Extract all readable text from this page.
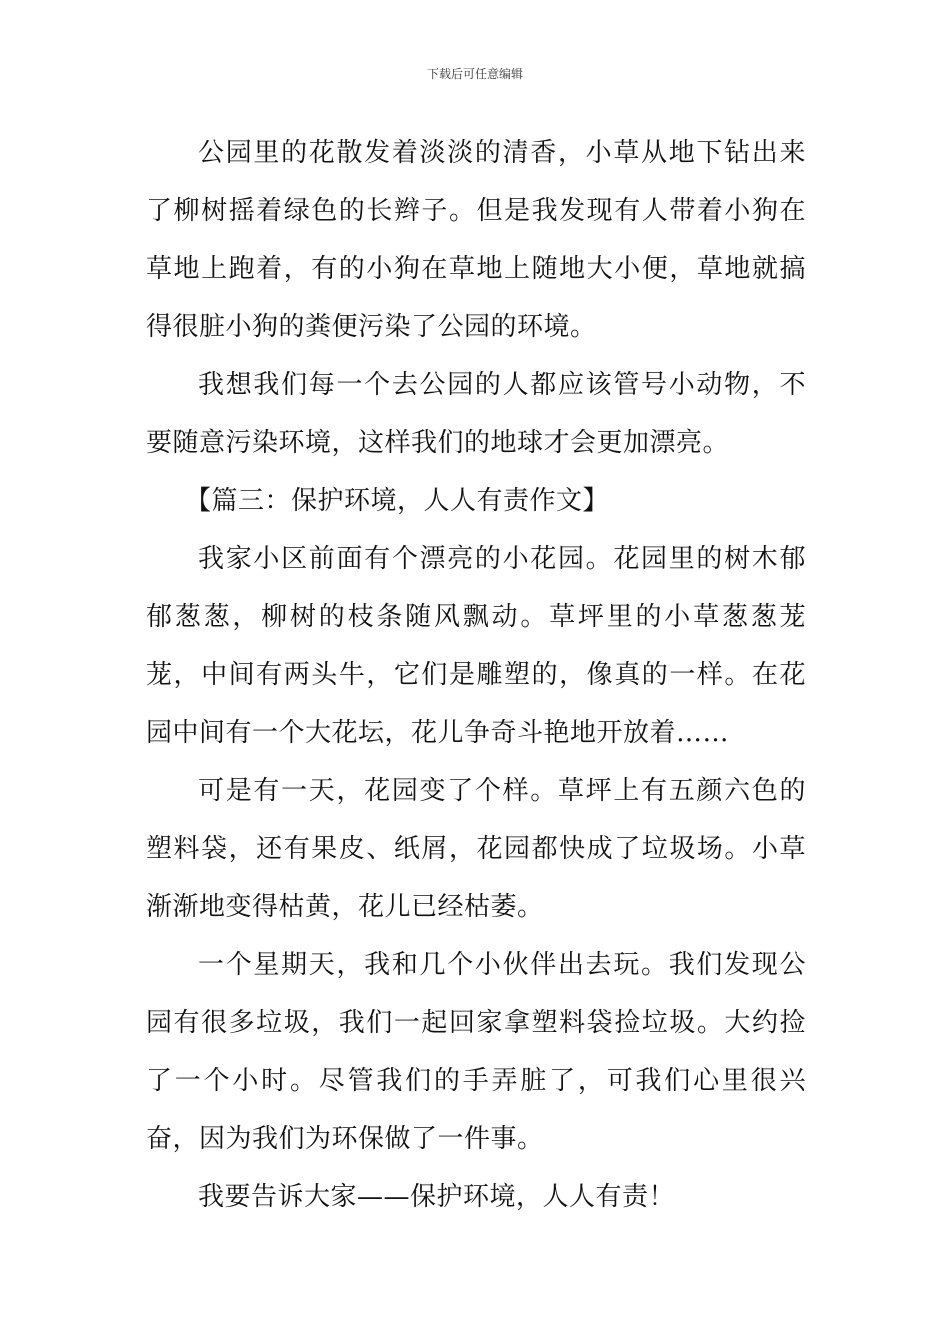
下载后可任意编辑

公园里的花散发着淡淡的清香，小草从地下钻出来了柳树摇着绿色的长辫子。但是我发现有人带着小狗在草地上跑着，有的小狗在草地上随地大小便，草地就搞得很脏小狗的粪便污染了公园的环境。

我想我们每一个去公园的人都应该管号小动物，不要随意污染环境，这样我们的地球才会更加漂亮。

【篇三：保护环境，人人有责作文】

我家小区前面有个漂亮的小花园。花园里的树木郁郁葱葱，柳树的枝条随风飘动。草坪里的小草葱葱茏茏，中间有两头牛，它们是雕塑的，像真的一样。在花园中间有一个大花坛，花儿争奇斗艳地开放着……

可是有一天，花园变了个样。草坪上有五颜六色的塑料袋，还有果皮、纸屑，花园都快成了垃圾场。小草渐渐地变得枯黄，花儿已经枯萎。

一个星期天，我和几个小伙伴出去玩。我们发现公园有很多垃圾，我们一起回家拿塑料袋捡垃圾。大约捡了一个小时。尽管我们的手弄脏了，可我们心里很兴奋，因为我们为环保做了一件事。

我要告诉大家——保护环境，人人有责！
